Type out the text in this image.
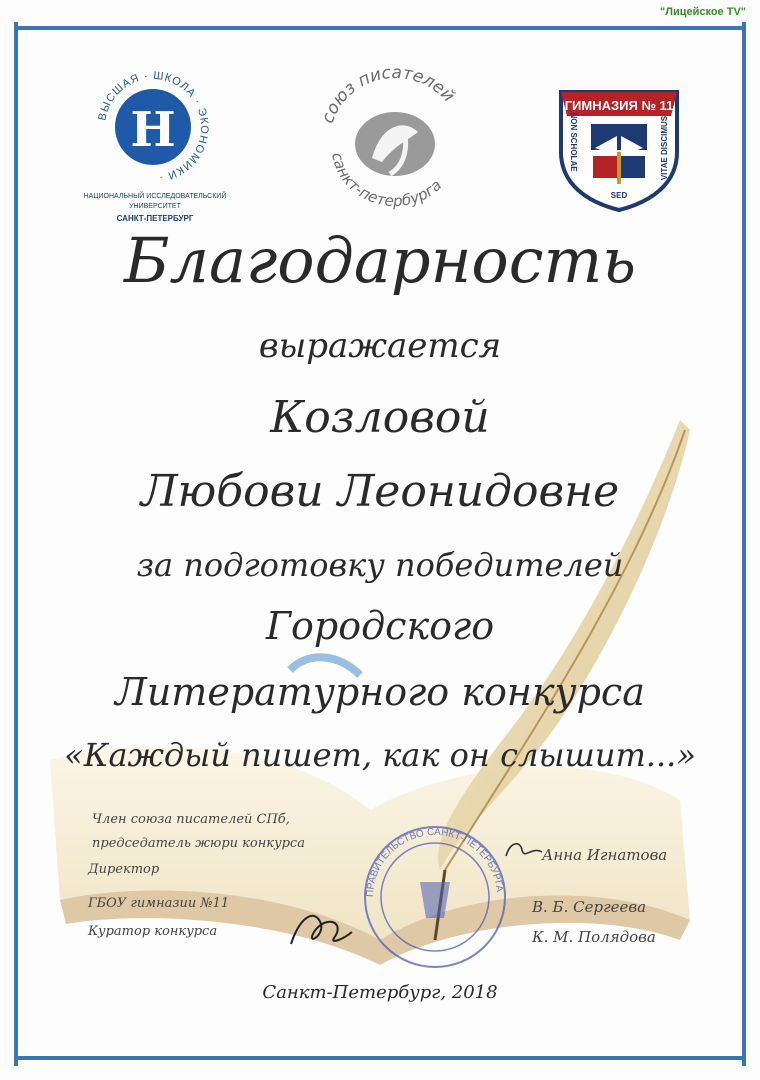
"Лицейское ТV"
ВЫСШАЯ · ШКОЛА · ЭКОНОМИКИ ·
Н
НАЦИОНАЛЬНЫЙ ИССЛЕДОВАТЕЛЬСКИЙ
УНИВЕРСИТЕТ
САНКТ-ПЕТЕРБУРГ
союз писателей
санкт-петербурга
ГИМНАЗИЯ № 11
NON SCHOLAE
SED
VITAE DISCIMUS
Благодарность
выражается
Козловой
Любови Леонидовне
за подготовку победителей
Городского
Литературного конкурса
«Каждый пишет, как он слышит...»
Член союза писателей СПб,
председатель жюри конкурса
Директор
ГБОУ гимназии №11
Куратор конкурса
Анна Игнатова
В. Б. Сергеева
К. М. Полядова
ПРАВИТЕЛЬСТВО САНКТ-ПЕТЕРБУРГА
Санкт-Петербург, 2018
